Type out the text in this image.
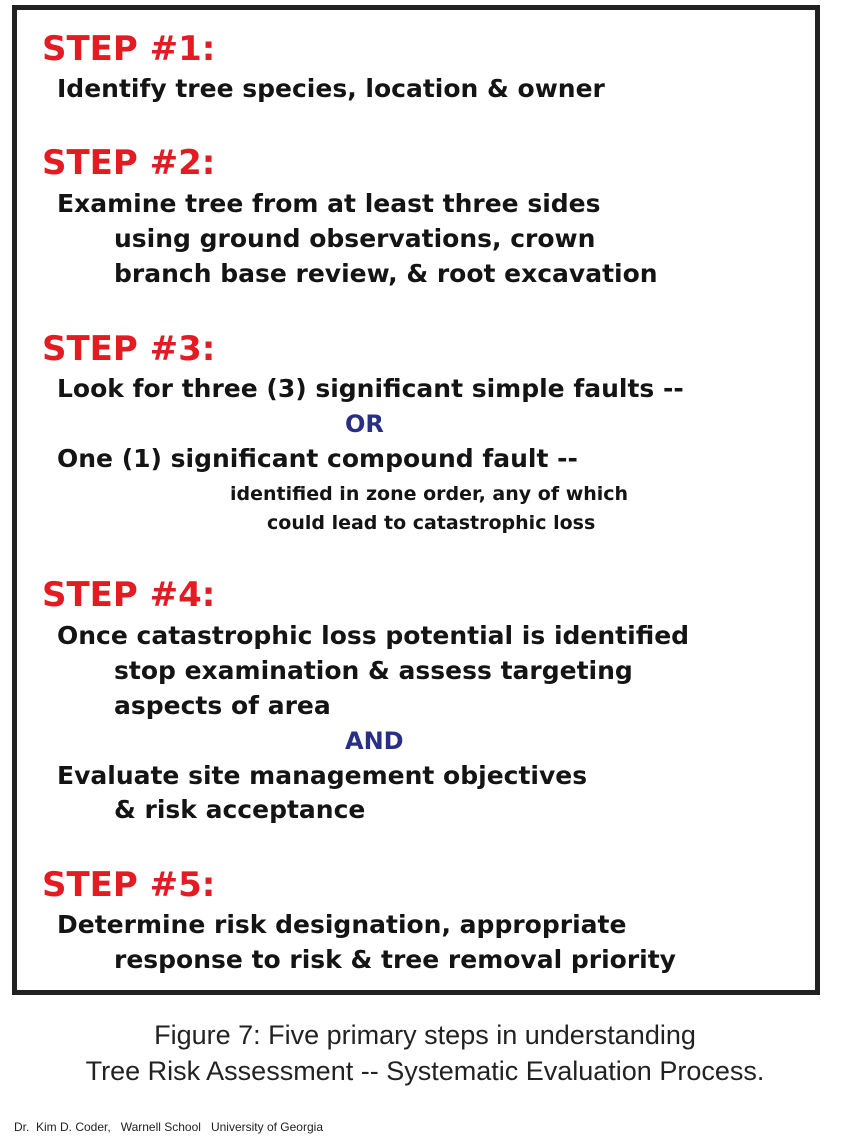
STEP #1:
Identify tree species, location & owner
STEP #2:
Examine tree from at least three sides
using ground observations, crown
branch base review, & root excavation
STEP #3:
Look for three (3) significant simple faults --
OR
One (1) significant compound fault --
identified in zone order, any of which
could lead to catastrophic loss
STEP #4:
Once catastrophic loss potential is identified
stop examination & assess targeting
aspects of area
AND
Evaluate site management objectives
& risk acceptance
STEP #5:
Determine risk designation, appropriate
response to risk & tree removal priority
Figure 7: Five primary steps in understanding
Tree Risk Assessment -- Systematic Evaluation Process.
Dr.  Kim D. Coder,   Warnell School   University of Georgia
